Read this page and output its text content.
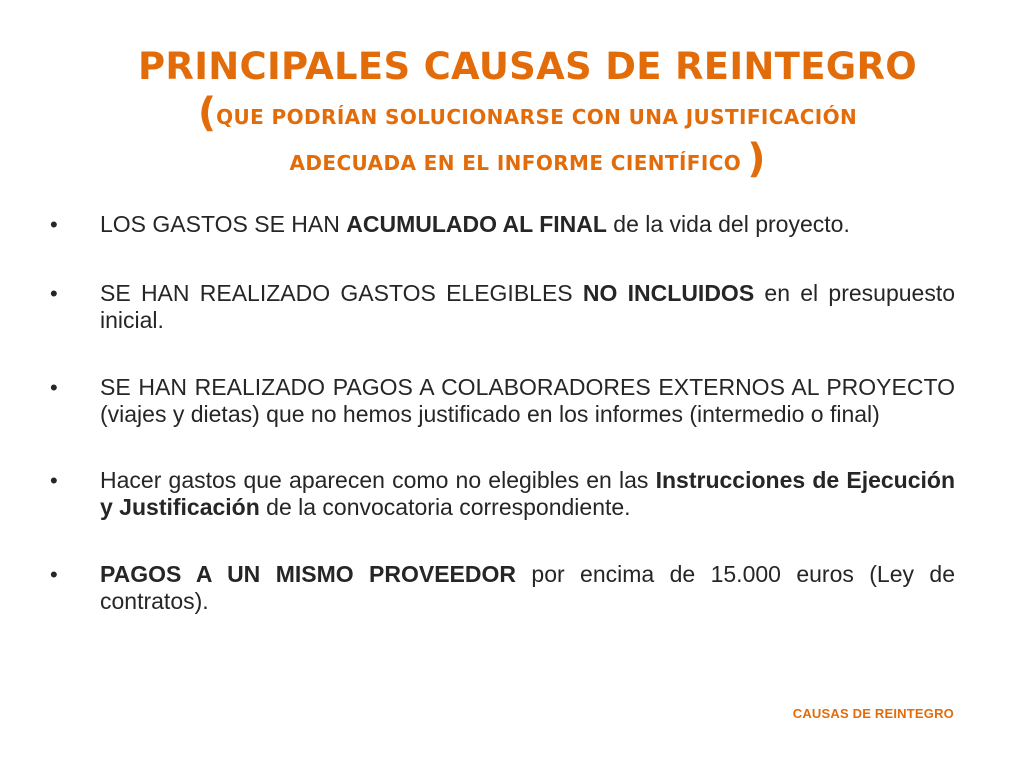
PRINCIPALES CAUSAS DE REINTEGRO
(QUE PODRÍAN SOLUCIONARSE CON UNA JUSTIFICACIÓN
ADECUADA EN EL INFORME CIENTÍFICO )
•	LOS GASTOS SE HAN ACUMULADO AL FINAL de la vida del proyecto.
•	SE HAN REALIZADO GASTOS ELEGIBLES NO INCLUIDOS en el presupuesto inicial.
•	SE HAN REALIZADO PAGOS A COLABORADORES EXTERNOS AL PROYECTO (viajes y dietas) que no hemos justificado en los informes (intermedio o final)
•	Hacer gastos que aparecen como no elegibles en las Instrucciones de Ejecución y Justificación de la convocatoria correspondiente.
•	PAGOS A UN MISMO PROVEEDOR por encima de 15.000 euros (Ley de contratos).
CAUSAS DE REINTEGRO
